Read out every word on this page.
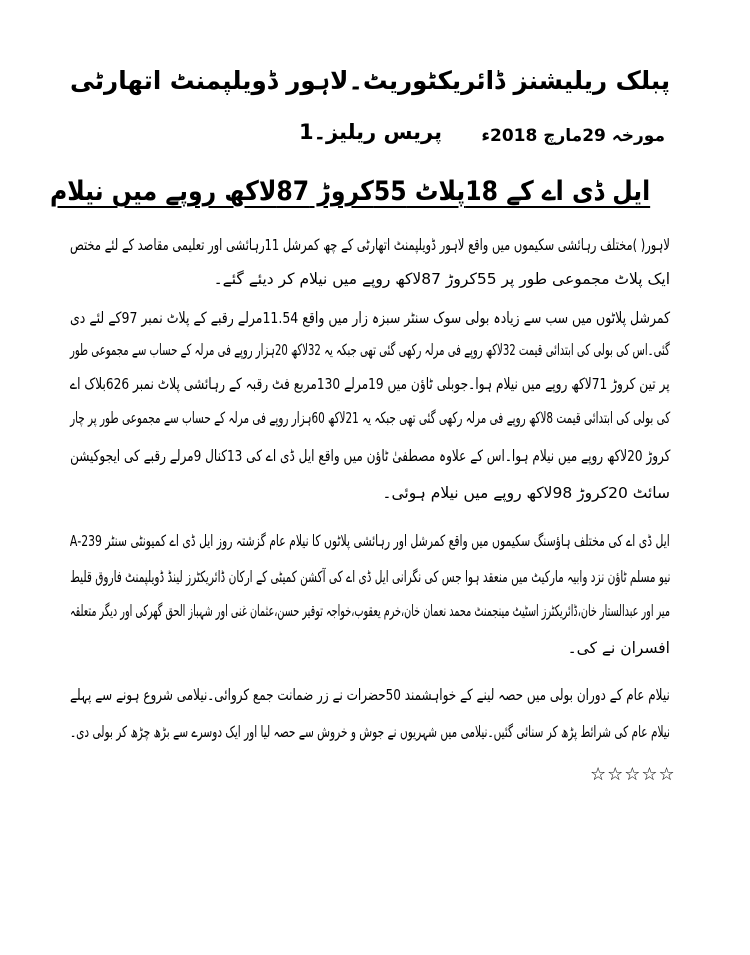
پبلک ریلیشنز ڈائریکٹوریٹ۔لاہور ڈویلپمنٹ اتھارٹی
پریس ریلیز۔1 مورخہ 29مارچ 2018ء
ایل ڈی اے کے 18پلاٹ 55کروڑ 87لاکھ روپے میں نیلام
لاہور( )مختلف رہائشی سکیموں میں واقع لاہور ڈویلپمنٹ اتھارٹی کے چھ کمرشل 11رہائشی اور تعلیمی مقاصد کے لئے مختص
ایک پلاٹ مجموعی طور پر 55کروڑ 87لاکھ روپے میں نیلام کر دیئے گئے۔
کمرشل پلاٹوں میں سب سے زیادہ بولی سوک سنٹر سبزہ زار میں واقع 11.54مرلے رقبے کے پلاٹ نمبر 97کے لئے دی
گئی۔اس کی بولی کی ابتدائی قیمت 32لاکھ روپے فی مرلہ رکھی گئی تھی جبکہ یہ 32لاکھ 20ہزار روپے فی مرلہ کے حساب سے مجموعی طور
پر تین کروڑ 71لاکھ روپے میں نیلام ہوا۔جوبلی ٹاؤن میں 19مرلے 130مربع فٹ رقبہ کے رہائشی پلاٹ نمبر 626بلاک اے
کی بولی کی ابتدائی قیمت 8لاکھ روپے فی مرلہ رکھی گئی تھی جبکہ یہ 21لاکھ 60ہزار روپے فی مرلہ کے حساب سے مجموعی طور پر چار
کروڑ 20لاکھ روپے میں نیلام ہوا۔اس کے علاوہ مصطفیٰ ٹاؤن میں واقع ایل ڈی اے کی 13کنال 9مرلے رقبے کی ایجوکیشن
سائٹ 20کروڑ 98لاکھ روپے میں نیلام ہوئی۔
ایل ڈی اے کی مختلف ہاؤسنگ سکیموں میں واقع کمرشل اور رہائشی پلاٹوں کا نیلام عام گزشتہ روز ایل ڈی اے کمیونٹی سنٹر 239-A
نیو مسلم ٹاؤن نزد وابیہ مارکیٹ میں منعقد ہوا جس کی نگرانی ایل ڈی اے کی آکشن کمیٹی کے ارکان ڈائریکٹرز لینڈ ڈویلپمنٹ فاروق قلیط
میر اور عبدالستار خان،ڈائریکٹرز اسٹیٹ مینجمنٹ محمد نعمان خان،خرم یعقوب،خواجہ توقیر حسن،عثمان غنی اور شہباز الحق گھرکی اور دیگر متعلقہ
افسران نے کی۔
نیلام عام کے دوران بولی میں حصہ لینے کے خواہشمند 50حضرات نے زر ضمانت جمع کروائی۔نیلامی شروع ہونے سے پہلے
نیلام عام کی شرائط پڑھ کر سنائی گئیں۔نیلامی میں شہریوں نے جوش و خروش سے حصہ لیا اور ایک دوسرے سے بڑھ چڑھ کر بولی دی۔
☆☆☆☆☆
